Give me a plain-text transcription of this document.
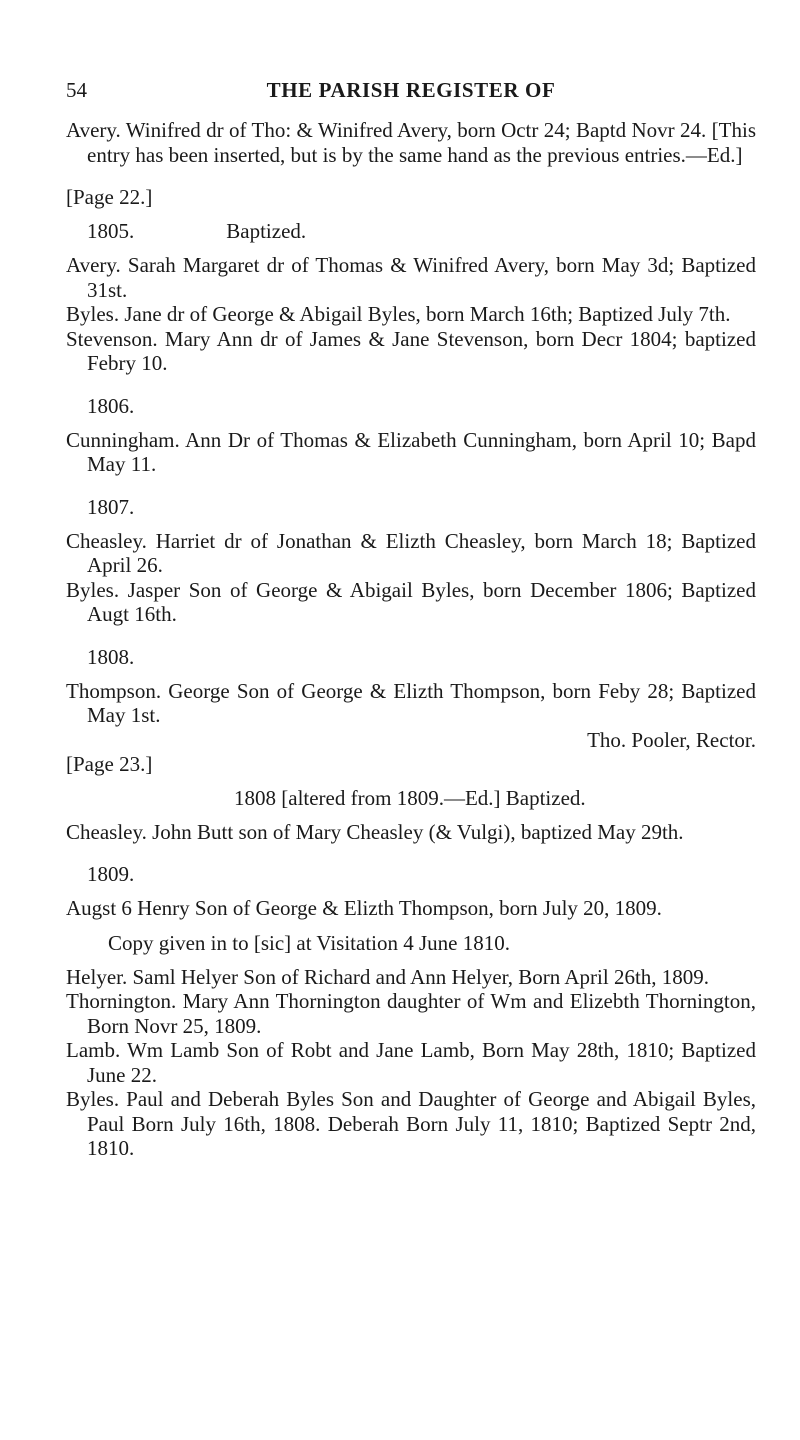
54	THE PARISH REGISTER OF

Avery. Winifred dr of Tho: & Winifred Avery, born Octr 24; Baptd Novr 24. [This entry has been inserted, but is by the same hand as the previous entries.—Ed.]

[Page 22.]

1805.	Baptized.

Avery. Sarah Margaret dr of Thomas & Winifred Avery, born May 3d; Baptized 31st.

Byles. Jane dr of George & Abigail Byles, born March 16th; Baptized July 7th.

Stevenson. Mary Ann dr of James & Jane Stevenson, born Decr 1804; baptized Febry 10.

1806.

Cunningham. Ann Dr of Thomas & Elizabeth Cunningham, born April 10; Bapd May 11.

1807.

Cheasley. Harriet dr of Jonathan & Elizth Cheasley, born March 18; Baptized April 26.

Byles. Jasper Son of George & Abigail Byles, born December 1806; Baptized Augt 16th.

1808.

Thompson. George Son of George & Elizth Thompson, born Feby 28; Baptized May 1st.

Tho. Pooler, Rector.

[Page 23.]

1808 [altered from 1809.—Ed.] Baptized.

Cheasley. John Butt son of Mary Cheasley (& Vulgi), baptized May 29th.

1809.

Augst 6 Henry Son of George & Elizth Thompson, born July 20, 1809.

Copy given in to [sic] at Visitation 4 June 1810.

Helyer. Saml Helyer Son of Richard and Ann Helyer, Born April 26th, 1809.

Thornington. Mary Ann Thornington daughter of Wm and Elizebth Thornington, Born Novr 25, 1809.

Lamb. Wm Lamb Son of Robt and Jane Lamb, Born May 28th, 1810; Baptized June 22.

Byles. Paul and Deberah Byles Son and Daughter of George and Abigail Byles, Paul Born July 16th, 1808. Deberah Born July 11, 1810; Baptized Septr 2nd, 1810.
